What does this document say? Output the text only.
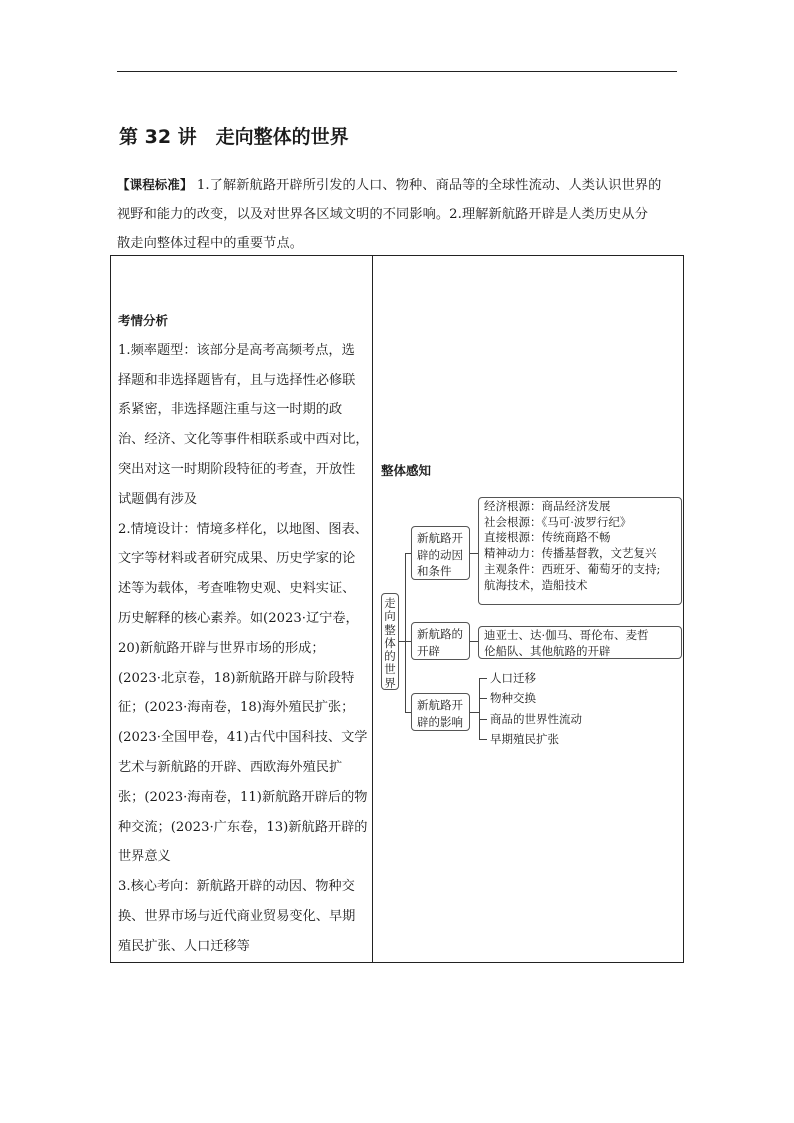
第 32 讲　走向整体的世界
【课程标准】 1.了解新航路开辟所引发的人口、物种、商品等的全球性流动、人类认识世界的
视野和能力的改变，以及对世界各区域文明的不同影响。2.理解新航路开辟是人类历史从分
散走向整体过程中的重要节点。
考情分析
1.频率题型：该部分是高考高频考点，选
择题和非选择题皆有，且与选择性必修联
系紧密，非选择题注重与这一时期的政
治、经济、文化等事件相联系或中西对比，
突出对这一时期阶段特征的考查，开放性
试题偶有涉及
2.情境设计：情境多样化，以地图、图表、
文字等材料或者研究成果、历史学家的论
述等为载体，考查唯物史观、史料实证、
历史解释的核心素养。如(2023·辽宁卷，
20)新航路开辟与世界市场的形成；
(2023·北京卷，18)新航路开辟与阶段特
征；(2023·海南卷，18)海外殖民扩张；
(2023·全国甲卷，41)古代中国科技、文学
艺术与新航路的开辟、西欧海外殖民扩
张；(2023·海南卷，11)新航路开辟后的物
种交流；(2023·广东卷，13)新航路开辟的
世界意义
3.核心考向：新航路开辟的动因、物种交
换、世界市场与近代商业贸易变化、早期
殖民扩张、人口迁移等
整体感知
走
向
整
体
的
世
界
新航路开
辟的动因
和条件
新航路的
开辟
新航路开
辟的影响
经济根源：商品经济发展
社会根源：《马可·波罗行纪》
直接根源：传统商路不畅
精神动力：传播基督教，文艺复兴
主观条件：西班牙、葡萄牙的支持;
航海技术，造船技术
迪亚士、达·伽马、哥伦布、麦哲
伦船队、其他航路的开辟
人口迁移
物种交换
商品的世界性流动
早期殖民扩张
